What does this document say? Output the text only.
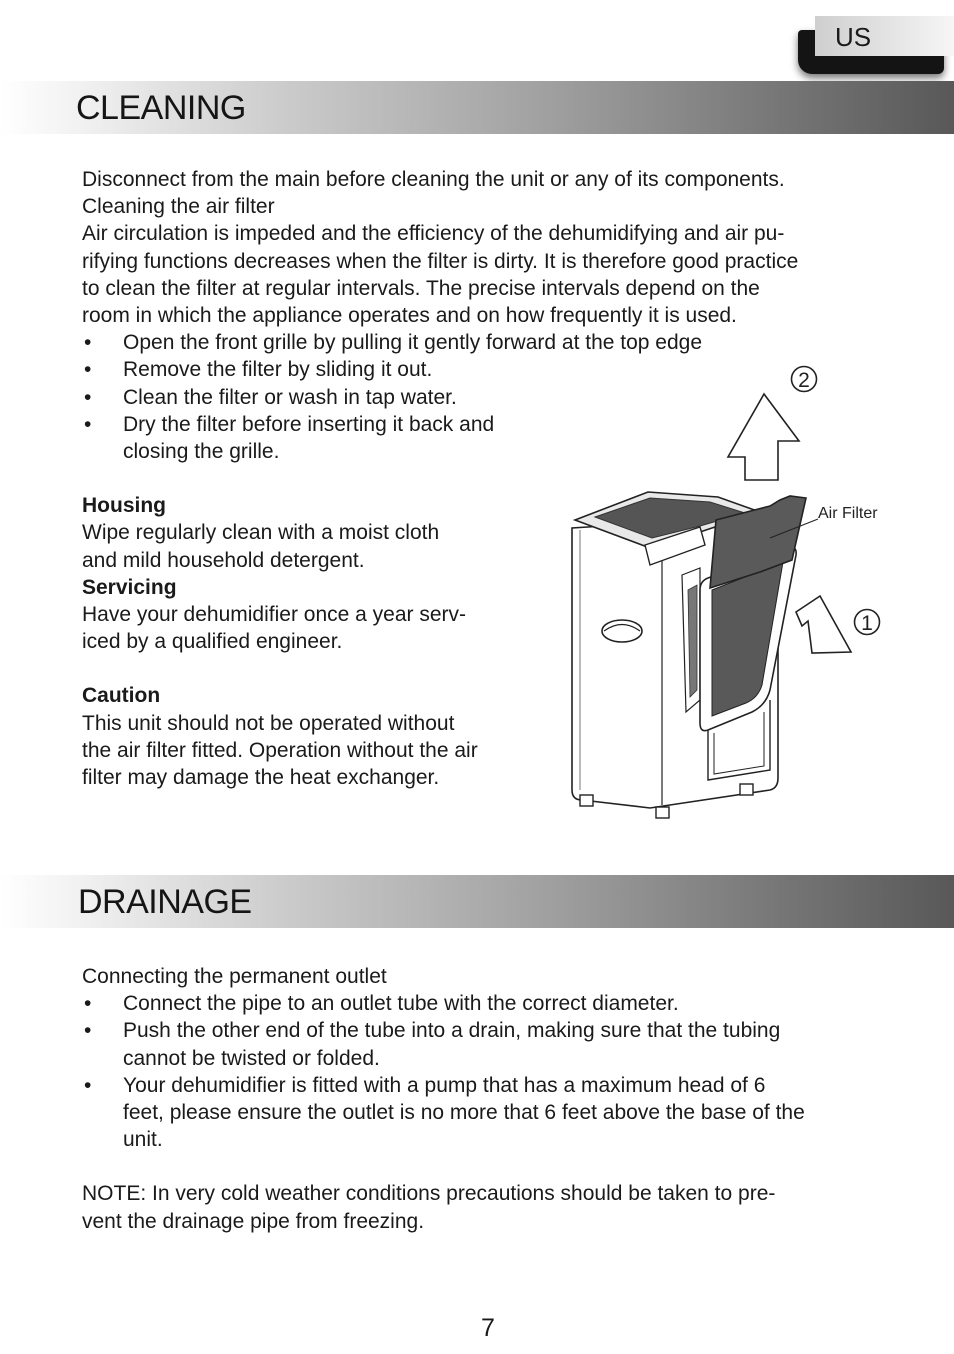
US
CLEANING

Disconnect from the main before cleaning the unit or any of its components.

Cleaning the air filter

Air circulation is impeded and the efficiency of the dehumidifying and air pu-

rifying functions decreases when the filter is dirty. It is therefore good practice

to clean the filter at regular intervals. The precise intervals depend on the

room in which the appliance operates and on how frequently it is used.

• Open the front grille by pulling it gently forward at the top edge
• Remove the filter by sliding it out.
• Clean the filter or wash in tap water.
• Dry the filter before inserting it back and
closing the grille.

Housing

Wipe regularly clean with a moist cloth

and mild household detergent.

Servicing

Have your dehumidifier once a year serv-

iced by a qualified engineer.

Caution

This unit should not be operated without

the air filter fitted. Operation without the air

filter may damage the heat exchanger.

2
Air Filter
1
DRAINAGE

Connecting the permanent outlet

• Connect the pipe to an outlet tube with the correct diameter.
• Push the other end of the tube into a drain, making sure that the tubing
cannot be twisted or folded.
• Your dehumidifier is fitted with a pump that has a maximum head of 6
feet, please ensure the outlet is no more that 6 feet above the base of the
unit.

NOTE: In very cold weather conditions precautions should be taken to pre-

vent the drainage pipe from freezing.

7
